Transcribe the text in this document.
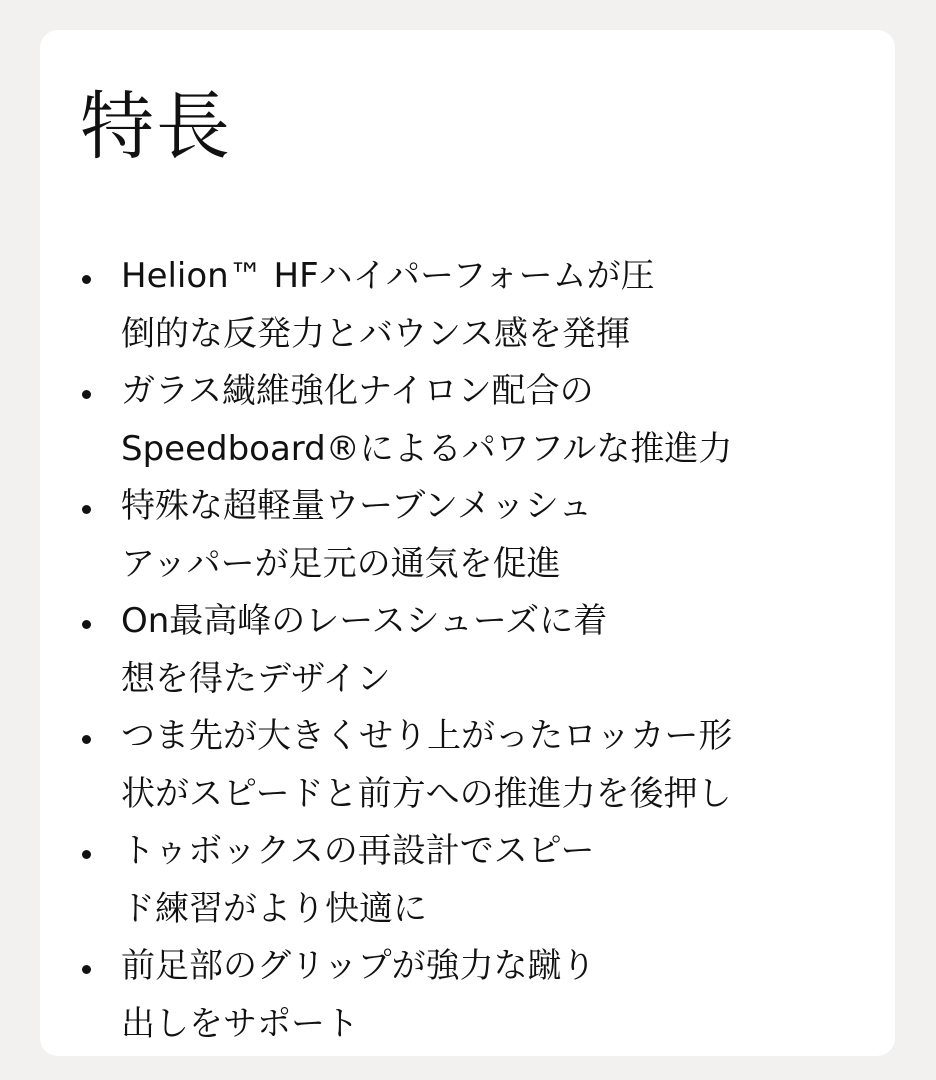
特長
Helion™ HFハイパーフォームが圧
倒的な反発力とバウンス感を発揮
ガラス繊維強化ナイロン配合の
Speedboard®によるパワフルな推進力
特殊な超軽量ウーブンメッシュ
アッパーが足元の通気を促進
On最高峰のレースシューズに着
想を得たデザイン
つま先が大きくせり上がったロッカー形
状がスピードと前方への推進力を後押し
トゥボックスの再設計でスピー
ド練習がより快適に
前足部のグリップが強力な蹴り
出しをサポート
